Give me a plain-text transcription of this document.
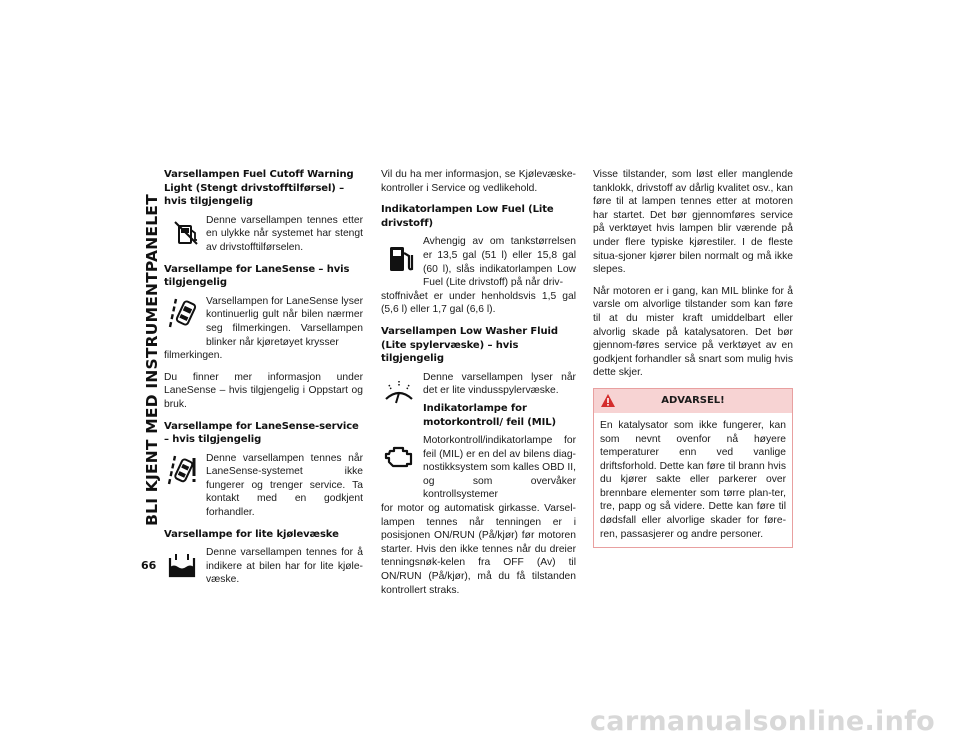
BLI KJENT MED INSTRUMENTPANELET
66
Varsellampen Fuel Cutoff Warning Light (Stengt drivstofftilførsel) – hvis tilgjengelig

Denne varsellampen tennes etter en ulykke når systemet har stengt av drivstofftilførselen.

Varsellampe for LaneSense – hvis tilgjengelig

Varsellampen for LaneSense lyser kontinuerlig gult når bilen nærmer seg filmerkingen. Varsellampen blinker når kjøretøyet krysser

filmerkingen.

Du finner mer informasjon under LaneSense – hvis tilgjengelig i Oppstart og bruk.

Varsellampe for LaneSense-service – hvis tilgjengelig

Denne varsellampen tennes når LaneSense-systemet ikke fungerer og trenger service. Ta kontakt med en godkjent forhandler.

Varsellampe for lite kjølevæske

Denne varsellampen tennes for å indikere at bilen har for lite kjøle-væske.

Vil du ha mer informasjon, se Kjølevæske-kontroller i Service og vedlikehold.

Indikatorlampen Low Fuel (Lite drivstoff)

Avhengig av om tankstørrelsen er 13,5 gal (51 l) eller 15,8 gal (60 l), slås indikatorlampen Low Fuel (Lite drivstoff) på når driv-

stoffnivået er under henholdsvis 1,5 gal (5,6 l) eller 1,7 gal (6,6 l).

Varsellampen Low Washer Fluid (Lite spylervæske) – hvis tilgjengelig

Denne varsellampen lyser når det er lite vindusspylervæske.

Indikatorlampe for motorkontroll/ feil (MIL)

Motorkontroll/indikatorlampe for feil (MIL) er en del av bilens diag-nostikksystem som kalles OBD II, og som overvåker kontrollsystemer

for motor og automatisk girkasse. Varsel-lampen tennes når tenningen er i posisjonen ON/RUN (På/kjør) før motoren starter. Hvis den ikke tennes når du dreier tenningsnøk-kelen fra OFF (Av) til ON/RUN (På/kjør), må du få tilstanden kontrollert straks.

Visse tilstander, som løst eller manglende tanklokk, drivstoff av dårlig kvalitet osv., kan føre til at lampen tennes etter at motoren har startet. Det bør gjennomføres service på verktøyet hvis lampen blir værende på under flere typiske kjørestiler. I de fleste situa-sjoner kjører bilen normalt og må ikke slepes.

Når motoren er i gang, kan MIL blinke for å varsle om alvorlige tilstander som kan føre til at du mister kraft umiddelbart eller alvorlig skade på katalysatoren. Det bør gjennom-føres service på verktøyet av en godkjent forhandler så snart som mulig hvis dette skjer.

ADVARSEL!

En katalysator som ikke fungerer, kan som nevnt ovenfor nå høyere temperaturer enn ved vanlige driftsforhold. Dette kan føre til brann hvis du kjører sakte eller parkerer over brennbare elementer som tørre plan-ter, tre, papp og så videre. Dette kan føre til dødsfall eller alvorlige skader for føre-ren, passasjerer og andre personer.

carmanualsonline.info
